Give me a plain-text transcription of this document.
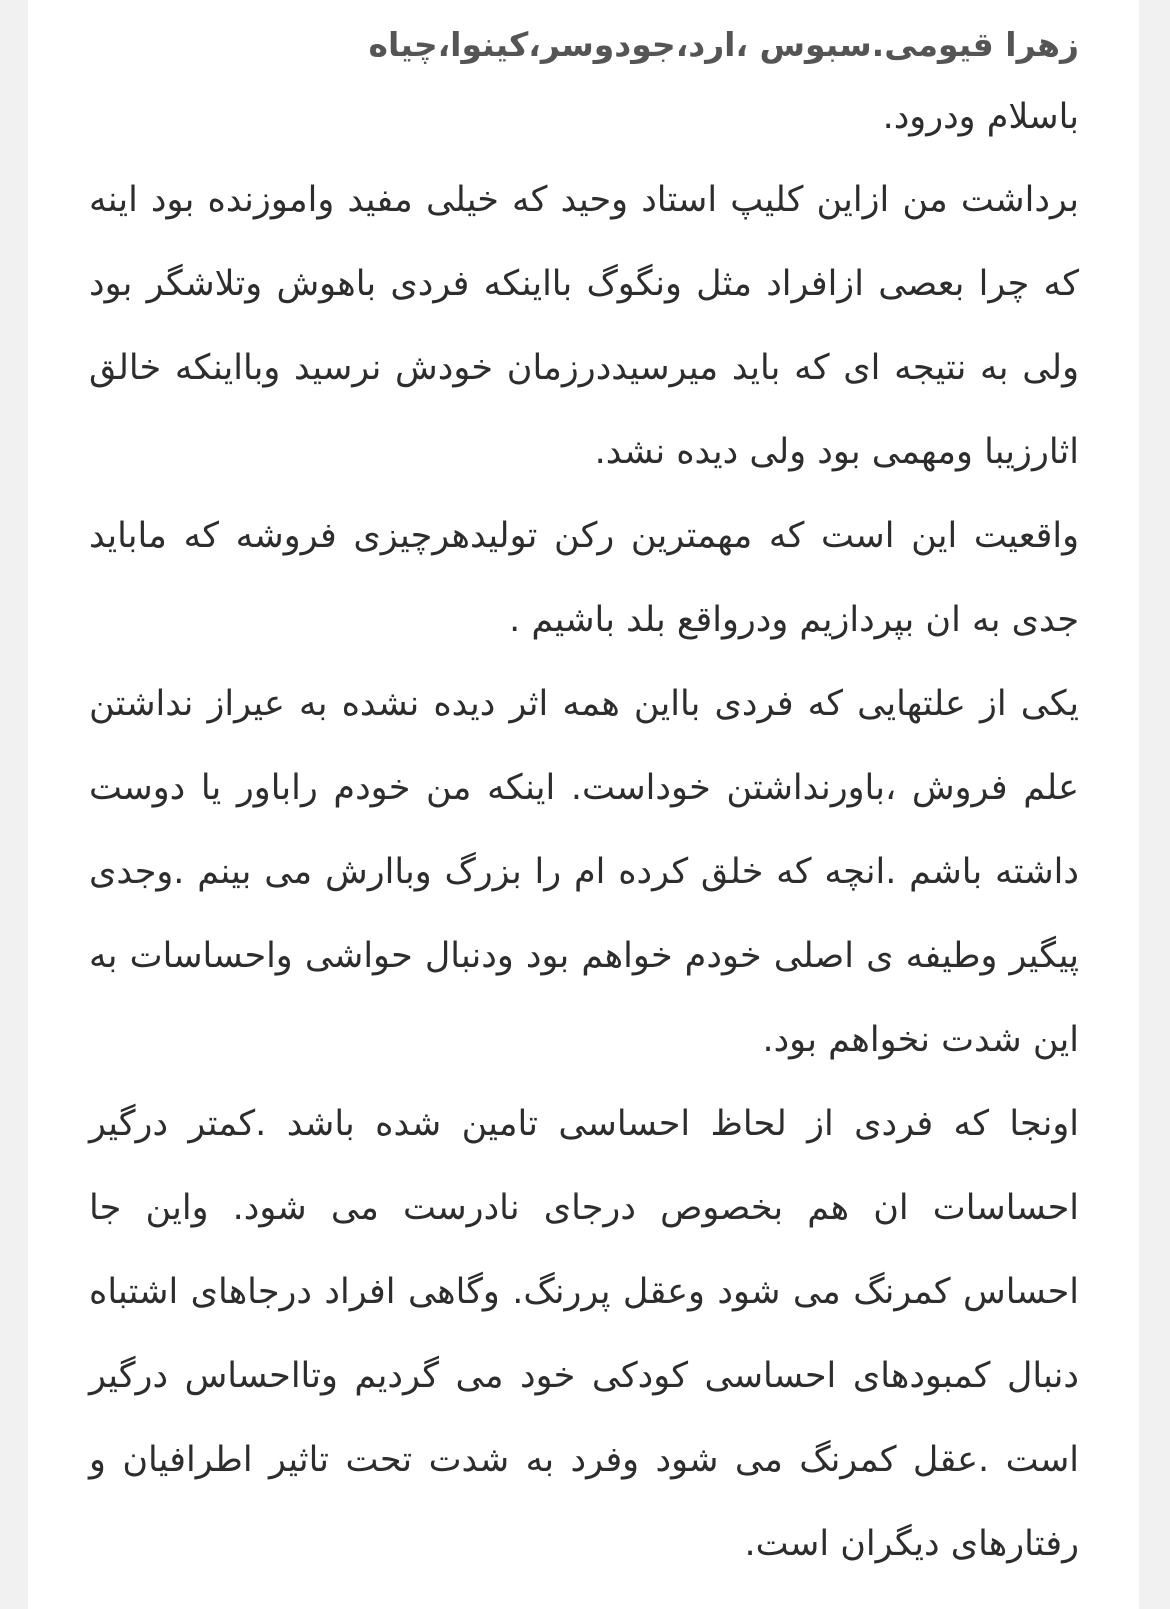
زهرا قیومی.سبوس ،ارد،جودوسر،کینوا،چیاه

باسلام ودرود.

برداشت من ازاین کلیپ استاد وحید که خیلی مفید واموزنده بود اینه که چرا بعصی ازافراد مثل ونگوگ بااینکه فردی باهوش وتلاشگر بود ولی به نتیجه ای که باید میرسیددرزمان خودش نرسید وبااینکه خالق اثارزیبا ومهمی بود ولی دیده نشد.

واقعیت این است که مهمترین رکن تولیدهرچیزی فروشه که ماباید جدی به ان بپردازیم ودرواقع بلد باشیم .

یکی از علتهایی که فردی بااین همه اثر دیده نشده به عیراز نداشتن علم فروش ،باورنداشتن خوداست. اینکه من خودم راباور یا دوست داشته باشم .انچه که خلق کرده ام را بزرگ وباارش می بینم .وجدی پیگیر وطیفه ی اصلی خودم خواهم بود ودنبال حواشی واحساسات به این شدت نخواهم بود.

اونجا که فردی از لحاظ احساسی تامین شده باشد .کمتر درگیر احساسات ان هم بخصوص درجای نادرست می شود. واین جا احساس کمرنگ می شود وعقل پررنگ. وگاهی افراد درجاهای اشتباه دنبال کمبودهای احساسی کودکی خود می گردیم وتااحساس درگیر است .عقل کمرنگ می شود وفرد به شدت تحت تاثیر اطرافیان و رفتارهای دیگران است.
